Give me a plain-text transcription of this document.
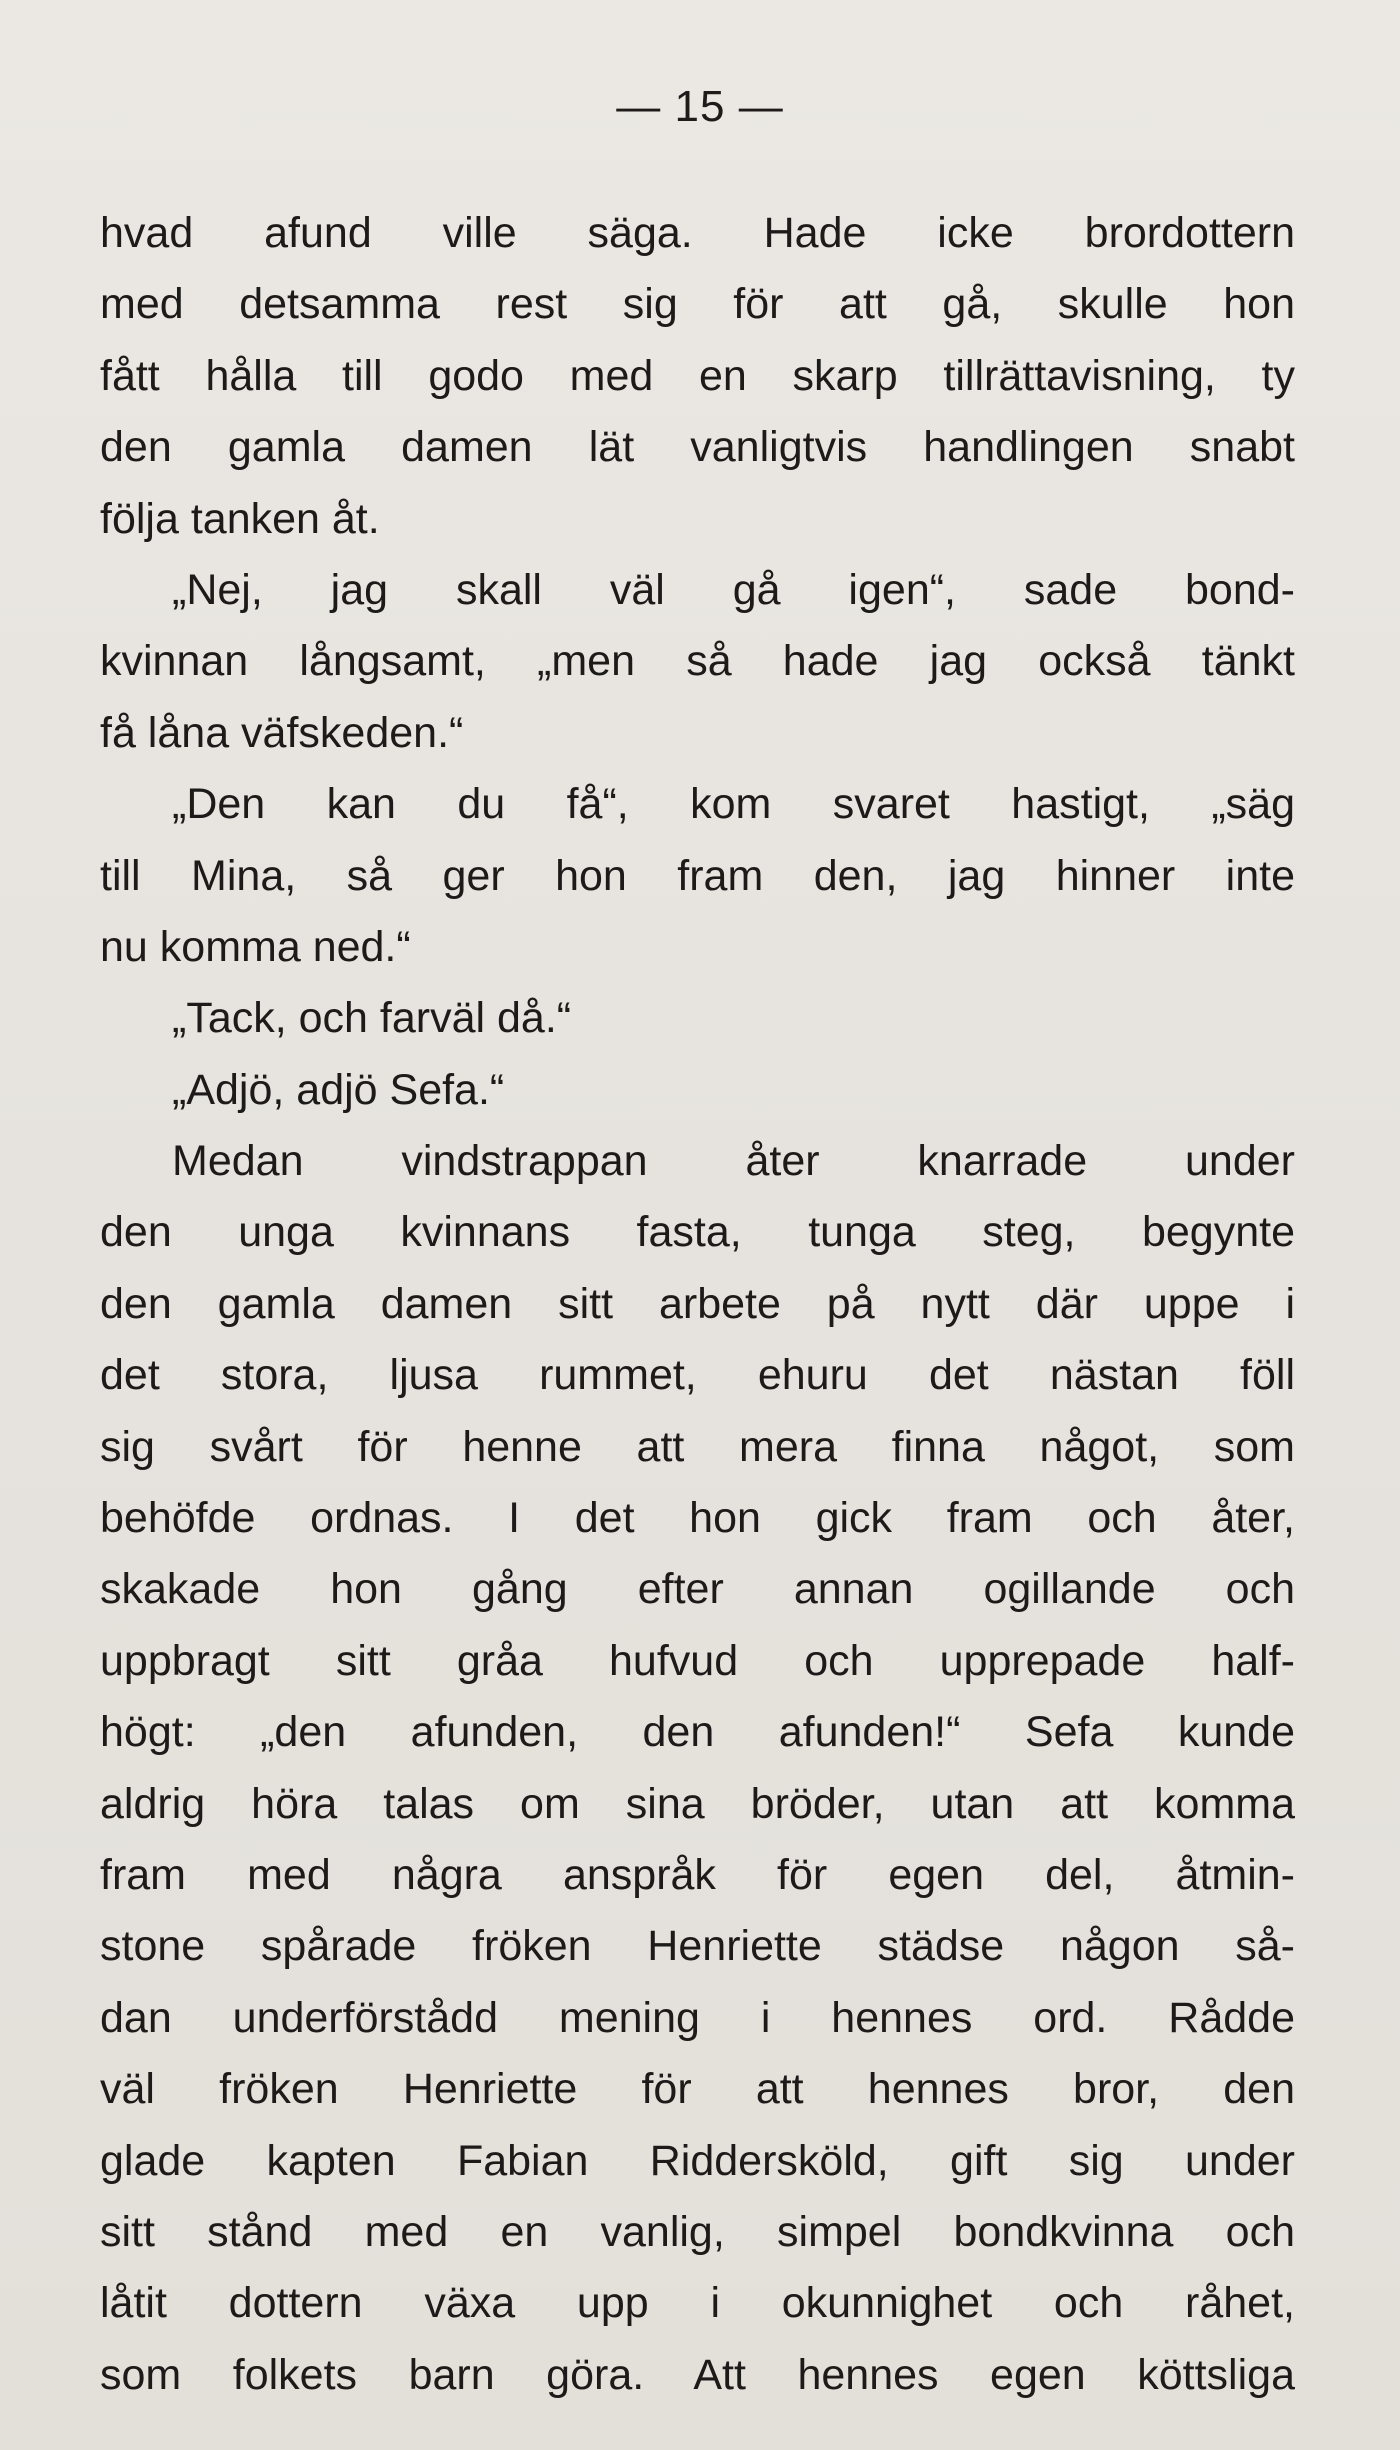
— 15 —
hvad afund ville säga. Hade icke brordottern
med detsamma rest sig för att gå, skulle hon
fått hålla till godo med en skarp tillrättavisning, ty
den gamla damen lät vanligtvis handlingen snabt
följa tanken åt.
„Nej, jag skall väl gå igen“, sade bond-
kvinnan långsamt, „men så hade jag också tänkt
få låna väfskeden.“
„Den kan du få“, kom svaret hastigt, „säg
till Mina, så ger hon fram den, jag hinner inte
nu komma ned.“
„Tack, och farväl då.“
„Adjö, adjö Sefa.“
Medan vindstrappan åter knarrade under
den unga kvinnans fasta, tunga steg, begynte
den gamla damen sitt arbete på nytt där uppe i
det stora, ljusa rummet, ehuru det nästan föll
sig svårt för henne att mera finna något, som
behöfde ordnas. I det hon gick fram och åter,
skakade hon gång efter annan ogillande och
uppbragt sitt gråa hufvud och upprepade half-
högt: „den afunden, den afunden!“ Sefa kunde
aldrig höra talas om sina bröder, utan att komma
fram med några anspråk för egen del, åtmin-
stone spårade fröken Henriette städse någon så-
dan underförstådd mening i hennes ord. Rådde
väl fröken Henriette för att hennes bror, den
glade kapten Fabian Riddersköld, gift sig under
sitt stånd med en vanlig, simpel bondkvinna och
låtit dottern växa upp i okunnighet och råhet,
som folkets barn göra. Att hennes egen köttsliga
